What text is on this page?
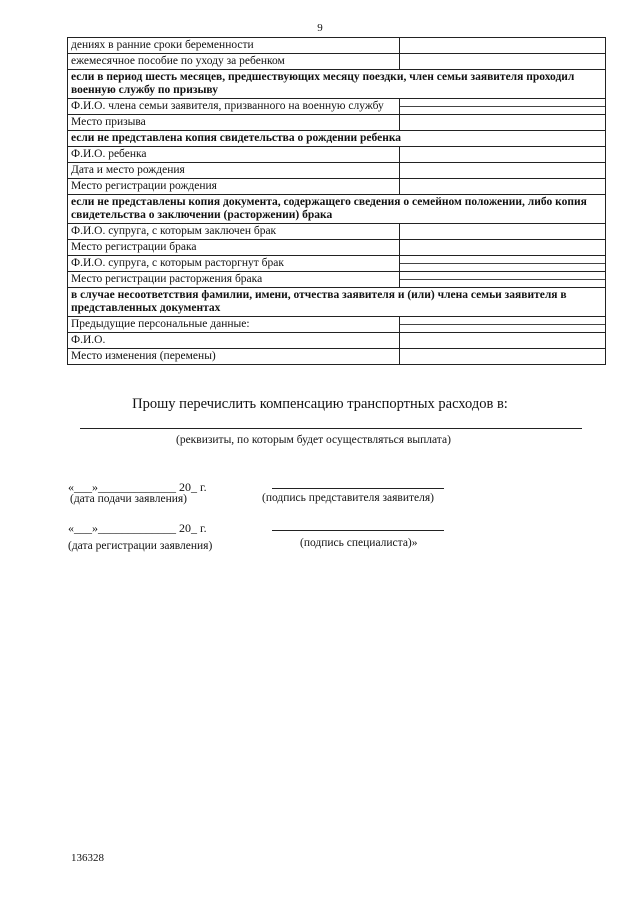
9
дениях в ранние сроки беременности	

ежемесячное пособие по уходу за ребенком	

если в период шесть месяцев, предшествующих месяцу поездки, член семьи заявителя проходил военную службу по призыву	
Ф.И.О. члена семьи заявителя, призванного на военную службу	

Место призыва	

если не представлена копия свидетельства о рождении ребенка	
Ф.И.О. ребенка	

Дата и место рождения	

Место регистрации рождения	

если не представлены копия документа, содержащего сведения о семейном положении, либо копия свидетельства о заключении (расторжении) брака	
Ф.И.О. супруга, с которым заключен брак	

Место регистрации брака	

Ф.И.О. супруга, с которым расторгнут брак	

Место регистрации расторжения брака	

в случае несоответствия фамилии, имени, отчества заявителя и (или) члена семьи заявителя в представленных документах	
Предыдущие персональные данные:	

Ф.И.О.	

Место изменения (перемены)	
Прошу перечислить компенсацию транспортных расходов в:
(реквизиты, по которым будет осуществляться выплата)
«___»_____________ 20_ г.
(дата подачи заявления)	(подпись представителя заявителя)
«___»_____________ 20_ г.
(дата регистрации заявления)	(подпись специалиста)»
136328
